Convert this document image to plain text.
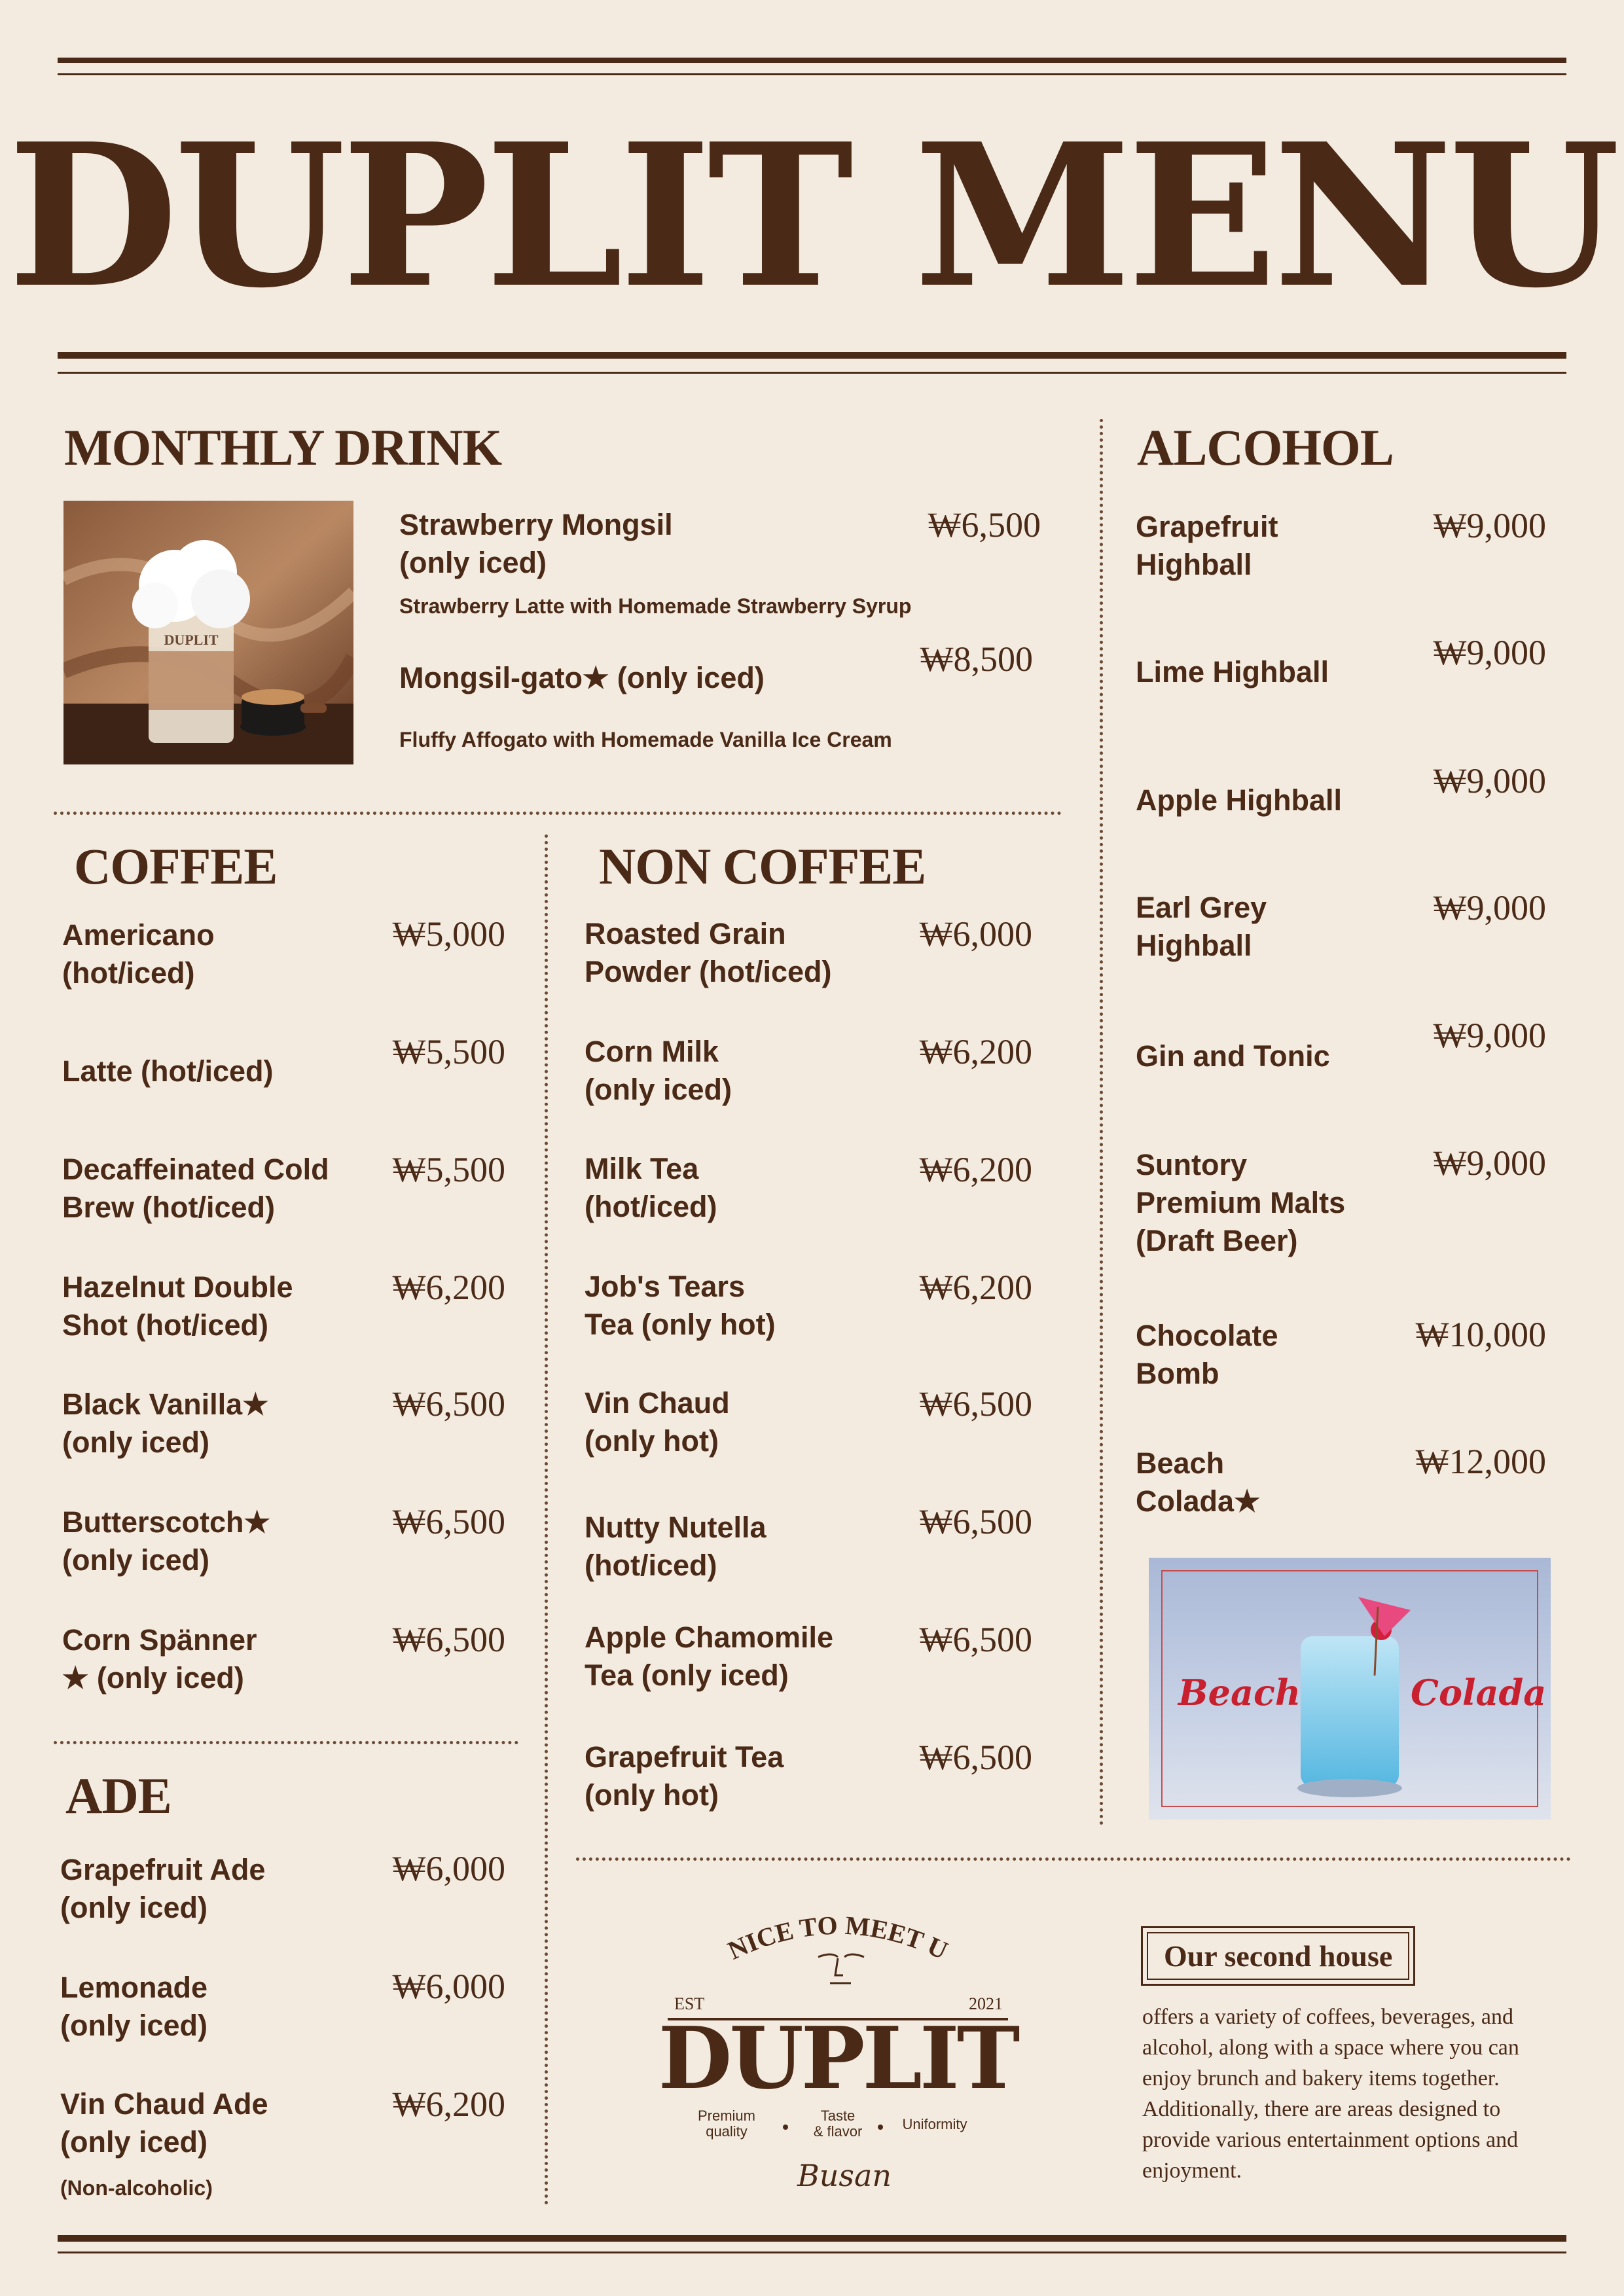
DUPLIT MENU
MONTHLY DRINK
DUPLIT
Strawberry Mongsil
(only iced)
₩6,500
Strawberry Latte with Homemade Strawberry Syrup
Mongsil-gato★ (only iced)	₩8,500
Fluffy Affogato with Homemade Vanilla Ice Cream
COFFEE
Americano
(hot/iced)
₩5,000
Latte (hot/iced)	₩5,500
Decaffeinated Cold
Brew (hot/iced)
₩5,500
Hazelnut Double
Shot (hot/iced)
₩6,200
Black Vanilla★
(only iced)
₩6,500
Butterscotch★
(only iced)
₩6,500
Corn Spänner
★ (only iced)
₩6,500
ADE
Grapefruit Ade
(only iced)
₩6,000
Lemonade
(only iced)
₩6,000
Vin Chaud Ade
(only iced)
₩6,200
(Non-alcoholic)
NON COFFEE
Roasted Grain
Powder (hot/iced)
₩6,000
Corn Milk
(only iced)
₩6,200
Milk Tea
(hot/iced)
₩6,200
Job's Tears
Tea (only hot)
₩6,200
Vin Chaud
(only hot)
₩6,500
Nutty Nutella
(hot/iced)
₩6,500
Apple Chamomile
Tea (only iced)
₩6,500
Grapefruit Tea
(only hot)
₩6,500
ALCOHOL
Grapefruit
Highball
₩9,000
Lime Highball	₩9,000
Apple Highball	₩9,000
Earl Grey
Highball
₩9,000
Gin and Tonic
₩9,000
Suntory
Premium Malts
(Draft Beer)
₩9,000
Chocolate
Bomb
₩10,000
Beach
Colada★
₩12,000
Beach	Colada
NICE TO MEET U
EST	2021
DUPLIT
Premium quality
Taste & flavor	Uniformity
Busan
Our second house
offers a variety of coffees, beverages, and alcohol, along with a space where you can enjoy brunch and bakery items together. Additionally, there are areas designed to provide various entertainment options and enjoyment.
